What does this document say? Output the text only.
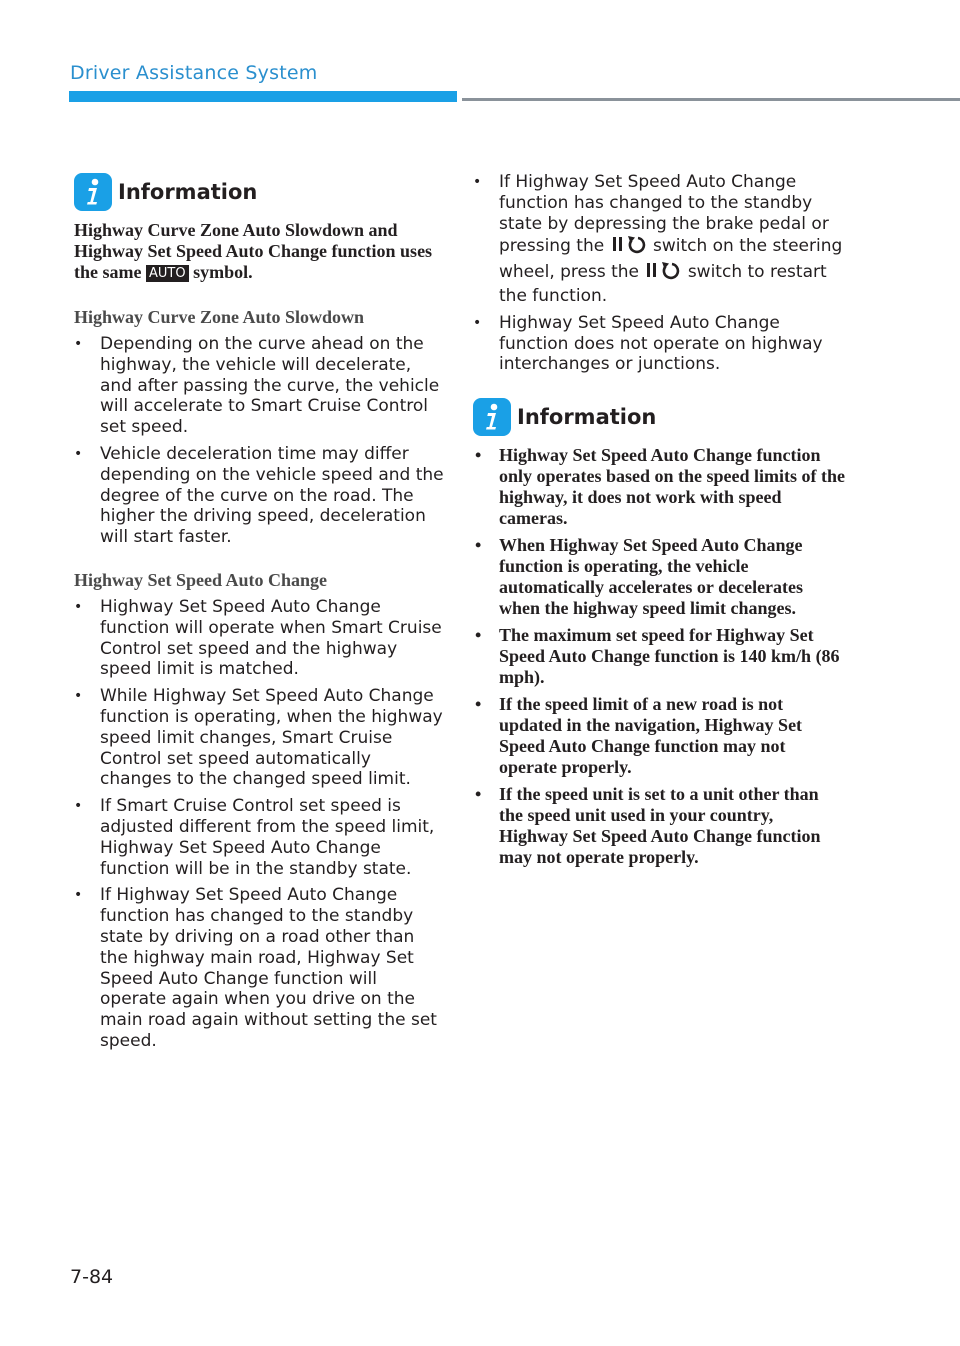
Driver Assistance System
Information

Highway Curve Zone Auto Slowdown and Highway Set Speed Auto Change function uses the same AUTO symbol.

Highway Curve Zone Auto Slowdown

• Depending on the curve ahead on the highway, the vehicle will decelerate, and after passing the curve, the vehicle will accelerate to Smart Cruise Control set speed.
• Vehicle deceleration time may differ depending on the vehicle speed and the degree of the curve on the road. The higher the driving speed, deceleration will start faster.

Highway Set Speed Auto Change

• Highway Set Speed Auto Change function will operate when Smart Cruise Control set speed and the highway speed limit is matched.
• While Highway Set Speed Auto Change function is operating, when the highway speed limit changes, Smart Cruise Control set speed automatically changes to the changed speed limit.
• If Smart Cruise Control set speed is adjusted different from the speed limit, Highway Set Speed Auto Change function will be in the standby state.
• If Highway Set Speed Auto Change function has changed to the standby state by driving on a road other than the highway main road, Highway Set Speed Auto Change function will operate again when you drive on the main road again without setting the set speed.
• If Highway Set Speed Auto Change function has changed to the standby state by depressing the brake pedal or pressing the	switch on the steering wheel, press the	switch to restart the function.
• Highway Set Speed Auto Change function does not operate on highway interchanges or junctions.
Information
• Highway Set Speed Auto Change function only operates based on the speed limits of the highway, it does not work with speed cameras.
• When Highway Set Speed Auto Change function is operating, the vehicle automatically accelerates or decelerates when the highway speed limit changes.
• The maximum set speed for Highway Set Speed Auto Change function is 140 km/h (86 mph).
• If the speed limit of a new road is not updated in the navigation, Highway Set Speed Auto Change function may not operate properly.
• If the speed unit is set to a unit other than the speed unit used in your country, Highway Set Speed Auto Change function may not operate properly.
7-84
